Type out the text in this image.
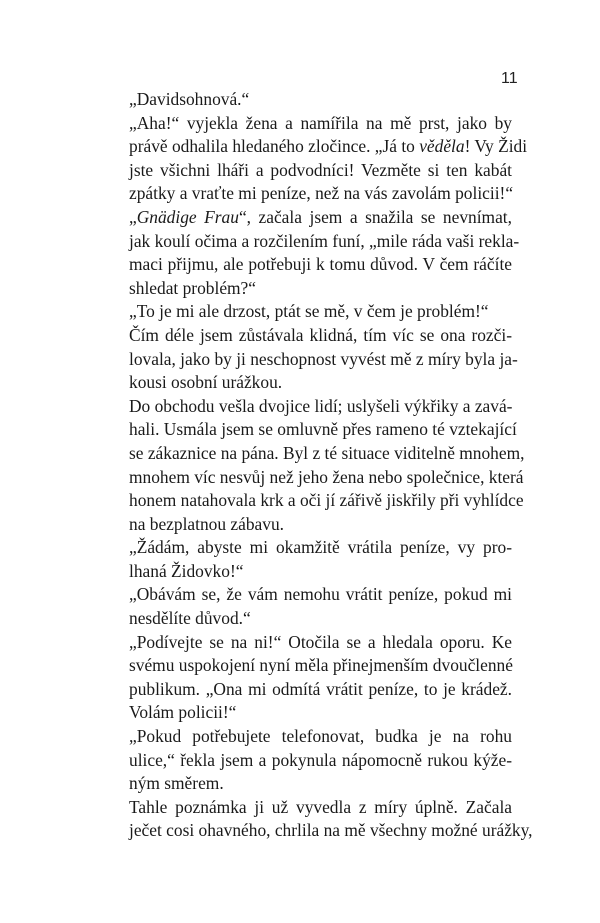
11

„Davidsohnová.“

„Aha!“ vyjekla žena a namířila na mě prst, jako by
právě odhalila hledaného zločince. „Já to věděla! Vy Židi
jste všichni lháři a podvodníci! Vezměte si ten kabát
zpátky a vraťte mi peníze, než na vás zavolám policii!“

„Gnädige Frau“, začala jsem a snažila se nevnímat,
jak koulí očima a rozčilením funí, „mile ráda vaši rekla-
maci přijmu, ale potřebuji k tomu důvod. V čem ráčíte
shledat problém?“

„To je mi ale drzost, ptát se mě, v čem je problém!“

Čím déle jsem zůstávala klidná, tím víc se ona rozči-
lovala, jako by ji neschopnost vyvést mě z míry byla ja-
kousi osobní urážkou.

Do obchodu vešla dvojice lidí; uslyšeli výkřiky a zavá-
hali. Usmála jsem se omluvně přes rameno té vztekající
se zákaznice na pána. Byl z té situace viditelně mnohem,
mnohem víc nesvůj než jeho žena nebo společnice, která
honem natahovala krk a oči jí zářivě jiskřily při vyhlídce
na bezplatnou zábavu.

„Žádám, abyste mi okamžitě vrátila peníze, vy pro-
lhaná Židovko!“

„Obávám se, že vám nemohu vrátit peníze, pokud mi
nesdělíte důvod.“

„Podívejte se na ni!“ Otočila se a hledala oporu. Ke
svému uspokojení nyní měla přinejmenším dvoučlenné
publikum. „Ona mi odmítá vrátit peníze, to je krádež.
Volám policii!“

„Pokud potřebujete telefonovat, budka je na rohu
ulice,“ řekla jsem a pokynula nápomocně rukou kýže-
ným směrem.

Tahle poznámka ji už vyvedla z míry úplně. Začala
ječet cosi ohavného, chrlila na mě všechny možné urážky,
